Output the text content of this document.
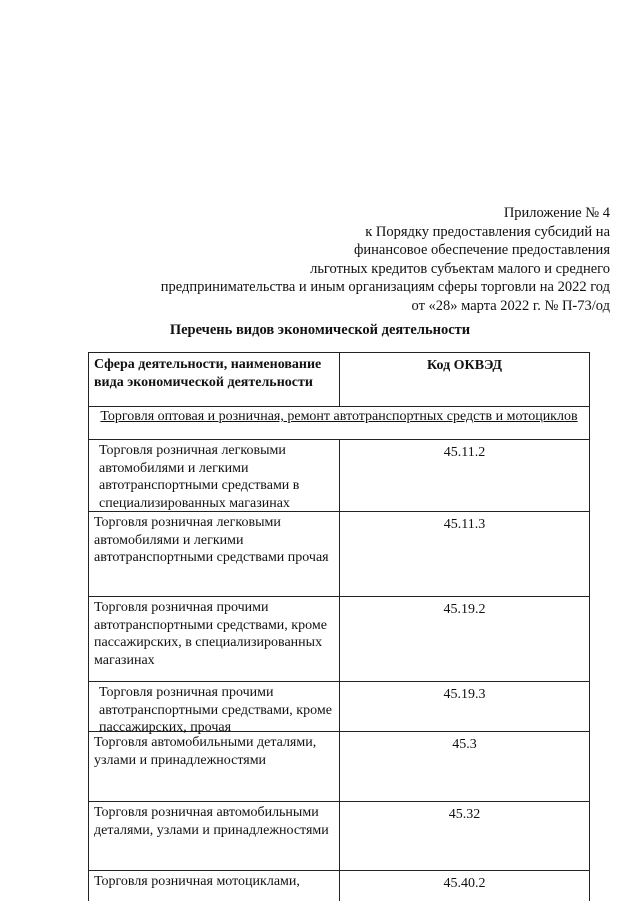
Приложение № 4
к Порядку предоставления субсидий на
финансовое обеспечение предоставления
льготных кредитов субъектам малого и среднего
предпринимательства и иным организациям сферы торговли на 2022 год
от «28» марта 2022 г. № П-73/од
Перечень видов экономической деятельности
Сфера деятельности, наименование вида экономической деятельности
Код ОКВЭД
Торговля оптовая и розничная, ремонт автотранспортных средств и мотоциклов
Торговля розничная легковыми автомобилями и легкими автотранспортными средствами в специализированных магазинах
45.11.2
Торговля розничная легковыми автомобилями и легкими автотранспортными средствами прочая
45.11.3
Торговля розничная прочими автотранспортными средствами, кроме пассажирских, в специализированных магазинах
45.19.2
Торговля розничная прочими автотранспортными средствами, кроме пассажирских, прочая
45.19.3
Торговля автомобильными деталями, узлами и принадлежностями
45.3
Торговля розничная автомобильными деталями, узлами и принадлежностями
45.32
Торговля розничная мотоциклами,	45.40.2
